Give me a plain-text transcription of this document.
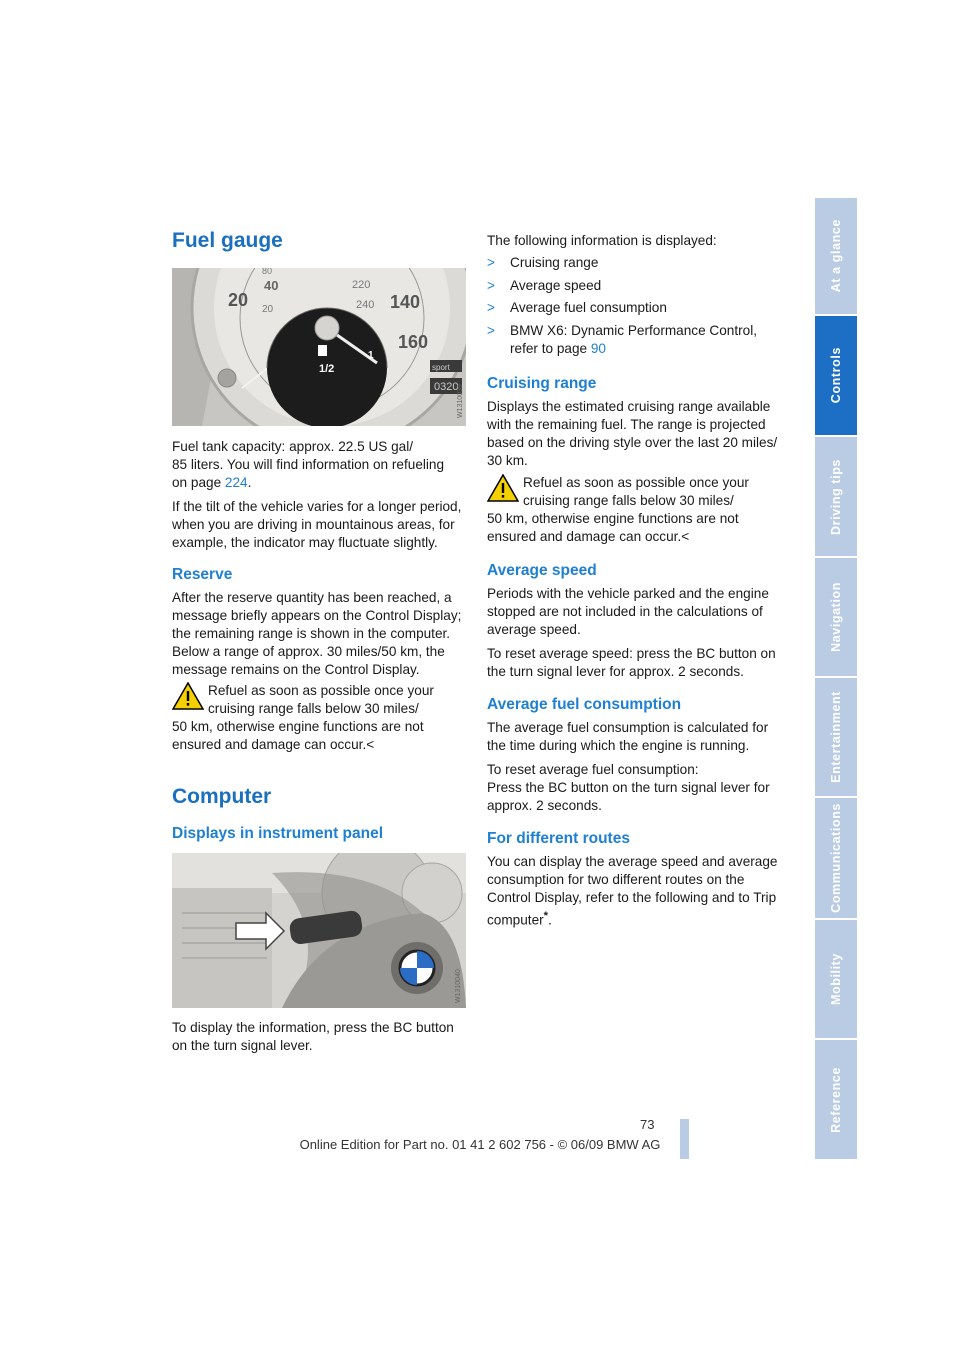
At a glance
Controls
Driving tips
Navigation
Entertainment
Communications
Mobility
Reference
Fuel gauge
20
40
20
80
140
160
220
240
1/2
1
sport
0320
W1310039

Fuel tank capacity: approx. 22.5 US gal/
85 liters. You will find information on refueling
on page 224.

If the tilt of the vehicle varies for a longer period, when you are driving in mountainous areas, for example, the indicator may fluctuate slightly.

Reserve
After the reserve quantity has been reached, a message briefly appears on the Control Display; the remaining range is shown in the computer. Below a range of approx. 30 miles/50 km, the message remains on the Control Display.
Refuel as soon as possible once your cruising range falls below 30 miles/
50 km, otherwise engine functions are not ensured and damage can occur.<
Computer
Displays in instrument panel
W1310040
To display the information, press the BC button on the turn signal lever.
The following information is displayed:
>	Cruising range
>	Average speed
>	Average fuel consumption
>	BMW X6: Dynamic Performance Control, refer to page 90
Cruising range
Displays the estimated cruising range available with the remaining fuel. The range is projected based on the driving style over the last 20 miles/ 30 km.
Refuel as soon as possible once your cruising range falls below 30 miles/
50 km, otherwise engine functions are not ensured and damage can occur.<
Average speed

Periods with the vehicle parked and the engine stopped are not included in the calculations of average speed.

To reset average speed: press the BC button on the turn signal lever for approx. 2 seconds.

Average fuel consumption

The average fuel consumption is calculated for the time during which the engine is running.

To reset average fuel consumption:
Press the BC button on the turn signal lever for approx. 2 seconds.

For different routes
You can display the average speed and average consumption for two different routes on the Control Display, refer to the following and to Trip computer*.
73
Online Edition for Part no. 01 41 2 602 756 - © 06/09 BMW AG
